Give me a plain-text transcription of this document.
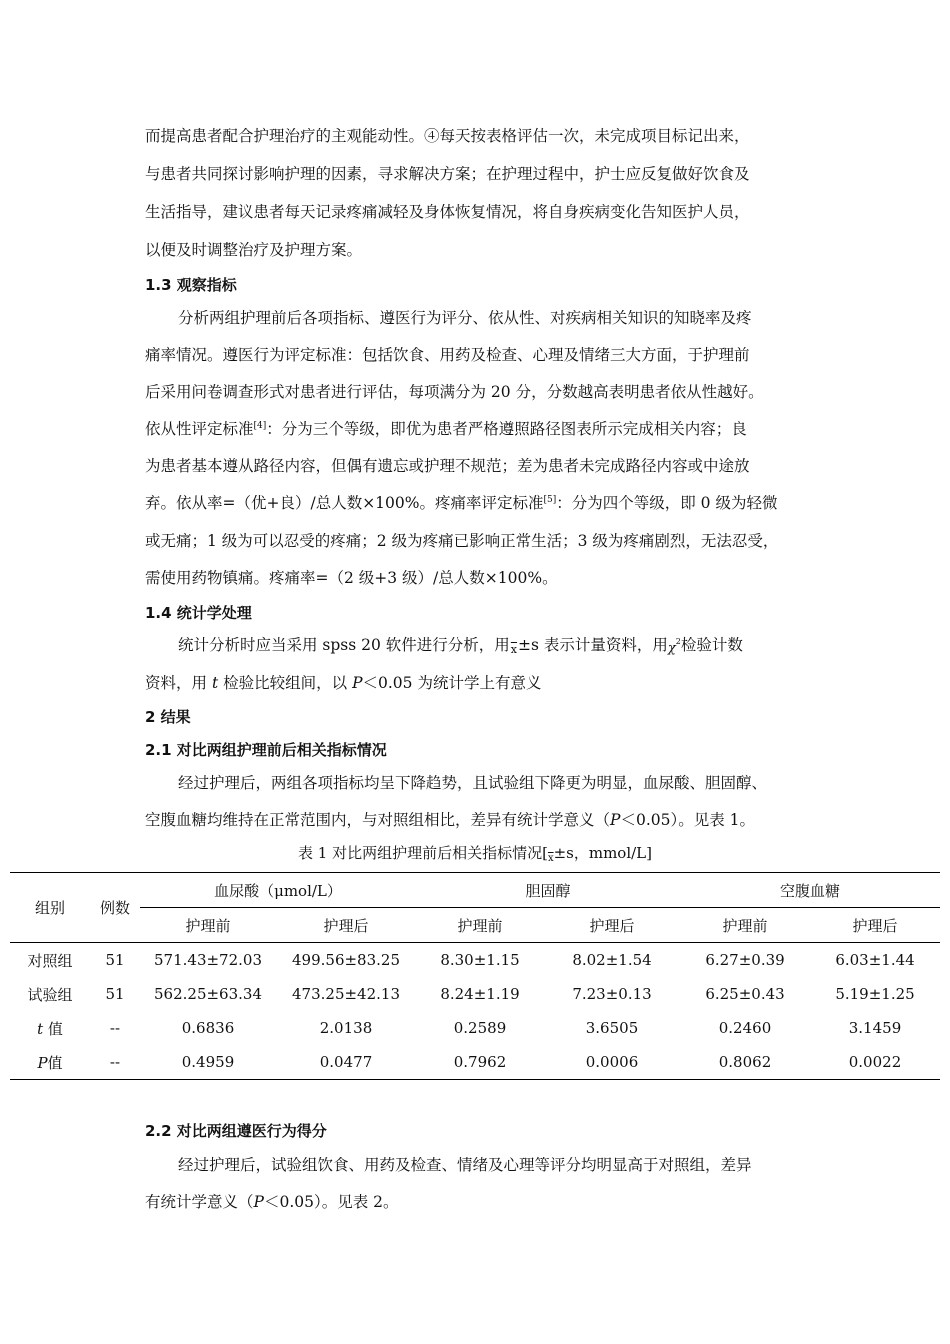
而提高患者配合护理治疗的主观能动性。④每天按表格评估一次，未完成项目标记出来，
与患者共同探讨影响护理的因素，寻求解决方案；在护理过程中，护士应反复做好饮食及
生活指导，建议患者每天记录疼痛减轻及身体恢复情况，将自身疾病变化告知医护人员，
以便及时调整治疗及护理方案。
1.3 观察指标
分析两组护理前后各项指标、遵医行为评分、依从性、对疾病相关知识的知晓率及疼
痛率情况。遵医行为评定标准：包括饮食、用药及检查、心理及情绪三大方面，于护理前
后采用问卷调查形式对患者进行评估，每项满分为 20 分，分数越高表明患者依从性越好。
依从性评定标准[4]：分为三个等级，即优为患者严格遵照路径图表所示完成相关内容；良
为患者基本遵从路径内容，但偶有遗忘或护理不规范；差为患者未完成路径内容或中途放
弃。依从率=（优+良）/总人数×100%。疼痛率评定标准[5]：分为四个等级，即 0 级为轻微
或无痛；1 级为可以忍受的疼痛；2 级为疼痛已影响正常生活；3 级为疼痛剧烈，无法忍受，
需使用药物镇痛。疼痛率=（2 级+3 级）/总人数×100%。
1.4 统计学处理
统计分析时应当采用 spss 20 软件进行分析，用$\overline{x}\pm s$ 表示计量资料，用$\chi^2$检验计数
资料，用 t 检验比较组间，以 P＜0.05 为统计学上有意义
2 结果
2.1 对比两组护理前后相关指标情况
经过护理后，两组各项指标均呈下降趋势，且试验组下降更为明显，血尿酸、胆固醇、
空腹血糖均维持在正常范围内，与对照组相比，差异有统计学意义（P＜0.05）。见表 1。
表 1 对比两组护理前后相关指标情况[$_{\overline{x}}\pm s$，mmol/L]
组别	例数	血尿酸（μmol/L）		胆固醇		空腹血糖	
		护理前	护理后	护理前	护理后	护理前	护理后
对照组	51	571.43±72.03	499.56±83.25	8.30±1.15	8.02±1.54	6.27±0.39	6.03±1.44
试验组	51	562.25±63.34	473.25±42.13	8.24±1.19	7.23±0.13	6.25±0.43	5.19±1.25
t 值	--	0.6836	2.0138	0.2589	3.6505	0.2460	3.1459
P值	--	0.4959	0.0477	0.7962	0.0006	0.8062	0.0022
2.2 对比两组遵医行为得分
经过护理后，试验组饮食、用药及检查、情绪及心理等评分均明显高于对照组，差异
有统计学意义（P＜0.05）。见表 2。
